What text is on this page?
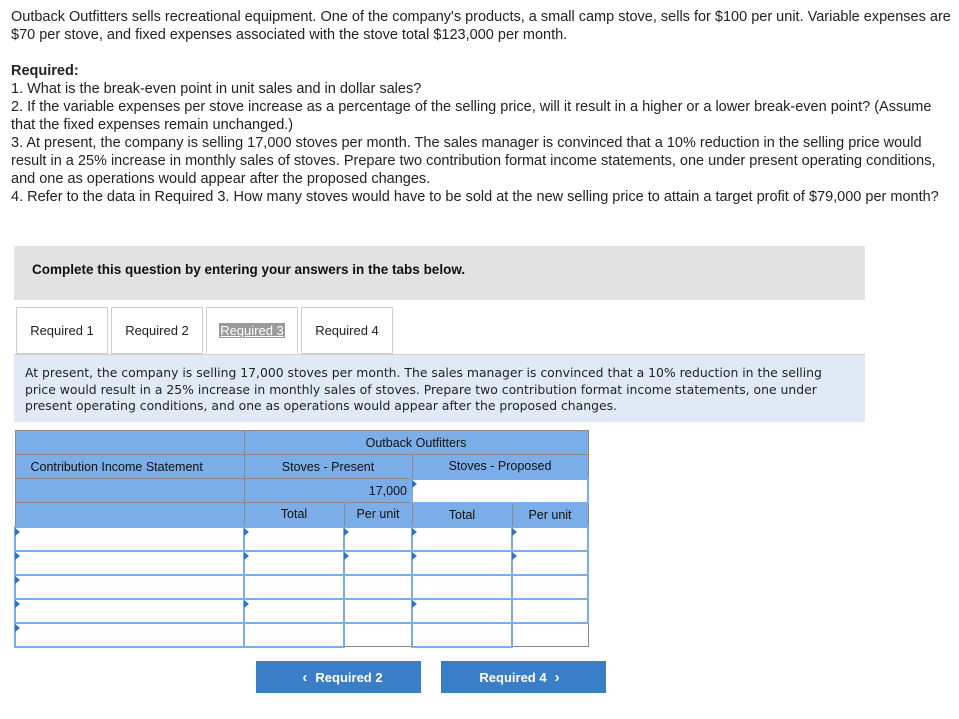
Outback Outfitters sells recreational equipment. One of the company's products, a small camp stove, sells for $100 per unit. Variable expenses are $70 per stove, and fixed expenses associated with the stove total $123,000 per month.

Required:

1. What is the break-even point in unit sales and in dollar sales?

2. If the variable expenses per stove increase as a percentage of the selling price, will it result in a higher or a lower break-even point? (Assume that the fixed expenses remain unchanged.)

3. At present, the company is selling 17,000 stoves per month. The sales manager is convinced that a 10% reduction in the selling price would result in a 25% increase in monthly sales of stoves. Prepare two contribution format income statements, one under present operating conditions, and one as operations would appear after the proposed changes.

4. Refer to the data in Required 3. How many stoves would have to be sold at the new selling price to attain a target profit of $79,000 per month?

Complete this question by entering your answers in the tabs below.
Required 1 Required 2 Required 3 Required 4
At present, the company is selling 17,000 stoves per month. The sales manager is convinced that a 10% reduction in the selling price would result in a 25% increase in monthly sales of stoves. Prepare two contribution format income statements, one under present operating conditions, and one as operations would appear after the proposed changes.
	Outback Outfitters			
Contribution Income Statement	Stoves - Present		Stoves - Proposed	
	17,000			

	Total	Per unit	Total	Per unit

‹ Required 2	Required 4 ›
